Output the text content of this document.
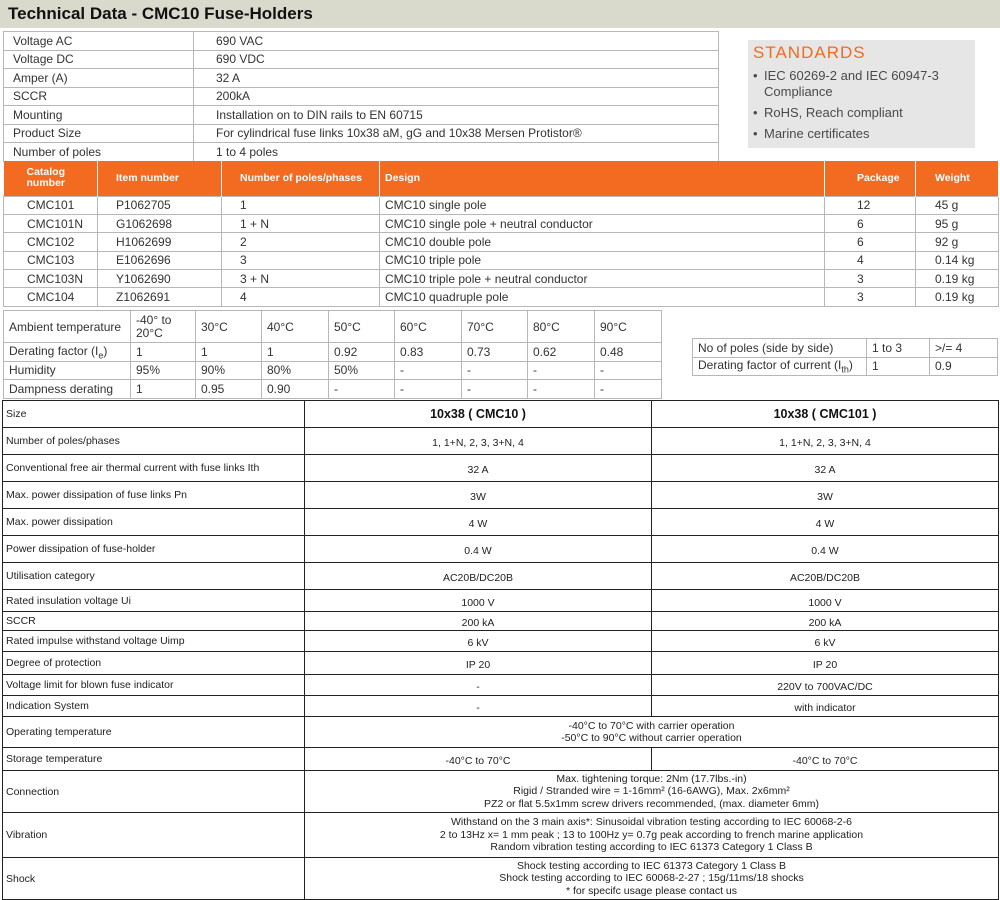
Technical Data - CMC10 Fuse-Holders
Voltage AC	690 VAC
Voltage DC	690 VDC
Amper (A)	32 A
SCCR	200kA
Mounting	Installation on to DIN rails to EN 60715
Product Size	For cylindrical fuse links 10x38 aM, gG and 10x38 Mersen Protistor®
Number of poles	1 to 4 poles
STANDARDS
• IEC 60269-2 and IEC 60947-3 Compliance
• RoHS, Reach compliant
• Marine certificates
Catalog number	Item number	Number of poles/phases	Design	Package	Weight
CMC101	P1062705	1	CMC10 single pole	12	45 g
CMC101N	G1062698	1 + N	CMC10 single pole + neutral conductor	6	95 g
CMC102	H1062699	2	CMC10 double pole	6	92 g
CMC103	E1062696	3	CMC10 triple pole	4	0.14 kg
CMC103N	Y1062690	3 + N	CMC10 triple pole + neutral conductor	3	0.19 kg
CMC104	Z1062691	4	CMC10 quadruple pole	3	0.19 kg
Ambient temperature	-40° to 20°C	30°C	40°C	50°C	60°C	70°C	80°C	90°C
Derating factor $(I_e)$	1	1	1	0.92	0.83	0.73	0.62	0.48
Humidity	95%	90%	80%	50%	-	-	-	-
Dampness derating	1	0.95	0.90	-	-	-	-	-
No of poles (side by side)	1 to 3	>/= 4
Derating factor of current $(I_{th})$	1	0.9
Size	10x38 ( CMC10 )	10x38 ( CMC101 )
Number of poles/phases	1, 1+N, 2, 3, 3+N, 4	1, 1+N, 2, 3, 3+N, 4
Conventional free air thermal current with fuse links Ith	32 A	32 A
Max. power dissipation of fuse links Pn	3W	3W
Max. power dissipation	4 W	4 W
Power dissipation of fuse-holder	0.4 W	0.4 W
Utilisation category	AC20B/DC20B	AC20B/DC20B
Rated insulation voltage Ui	1000 V	1000 V
SCCR	200 kA	200 kA
Rated impulse withstand voltage Uimp	6 kV	6 kV
Degree of protection	IP 20	IP 20
Voltage limit for blown fuse indicator	-	220V to 700VAC/DC
Indication System	-	with indicator
Operating temperature	-40°C to 70°C with carrier operation
-50°C to 90°C without carrier operation	

Storage temperature	-40°C to 70°C	-40°C to 70°C
Connection	Max. tightening torque: 2Nm (17.7lbs.-in)
Rigid / Stranded wire = 1-16mm² (16-6AWG), Max. 2x6mm²
PZ2 or flat 5.5x1mm screw drivers recommended, (max. diameter 6mm)	

Vibration	Withstand on the 3 main axis*: Sinusoidal vibration testing according to IEC 60068-2-6
2 to 13Hz x= 1 mm peak ; 13 to 100Hz y= 0.7g peak according to french marine application
Random vibration testing according to IEC 61373 Category 1 Class B	

Shock	Shock testing according to IEC 61373 Category 1 Class B
Shock testing according to IEC 60068-2-27 ; 15g/11ms/18 shocks
* for specifc usage please contact us	
